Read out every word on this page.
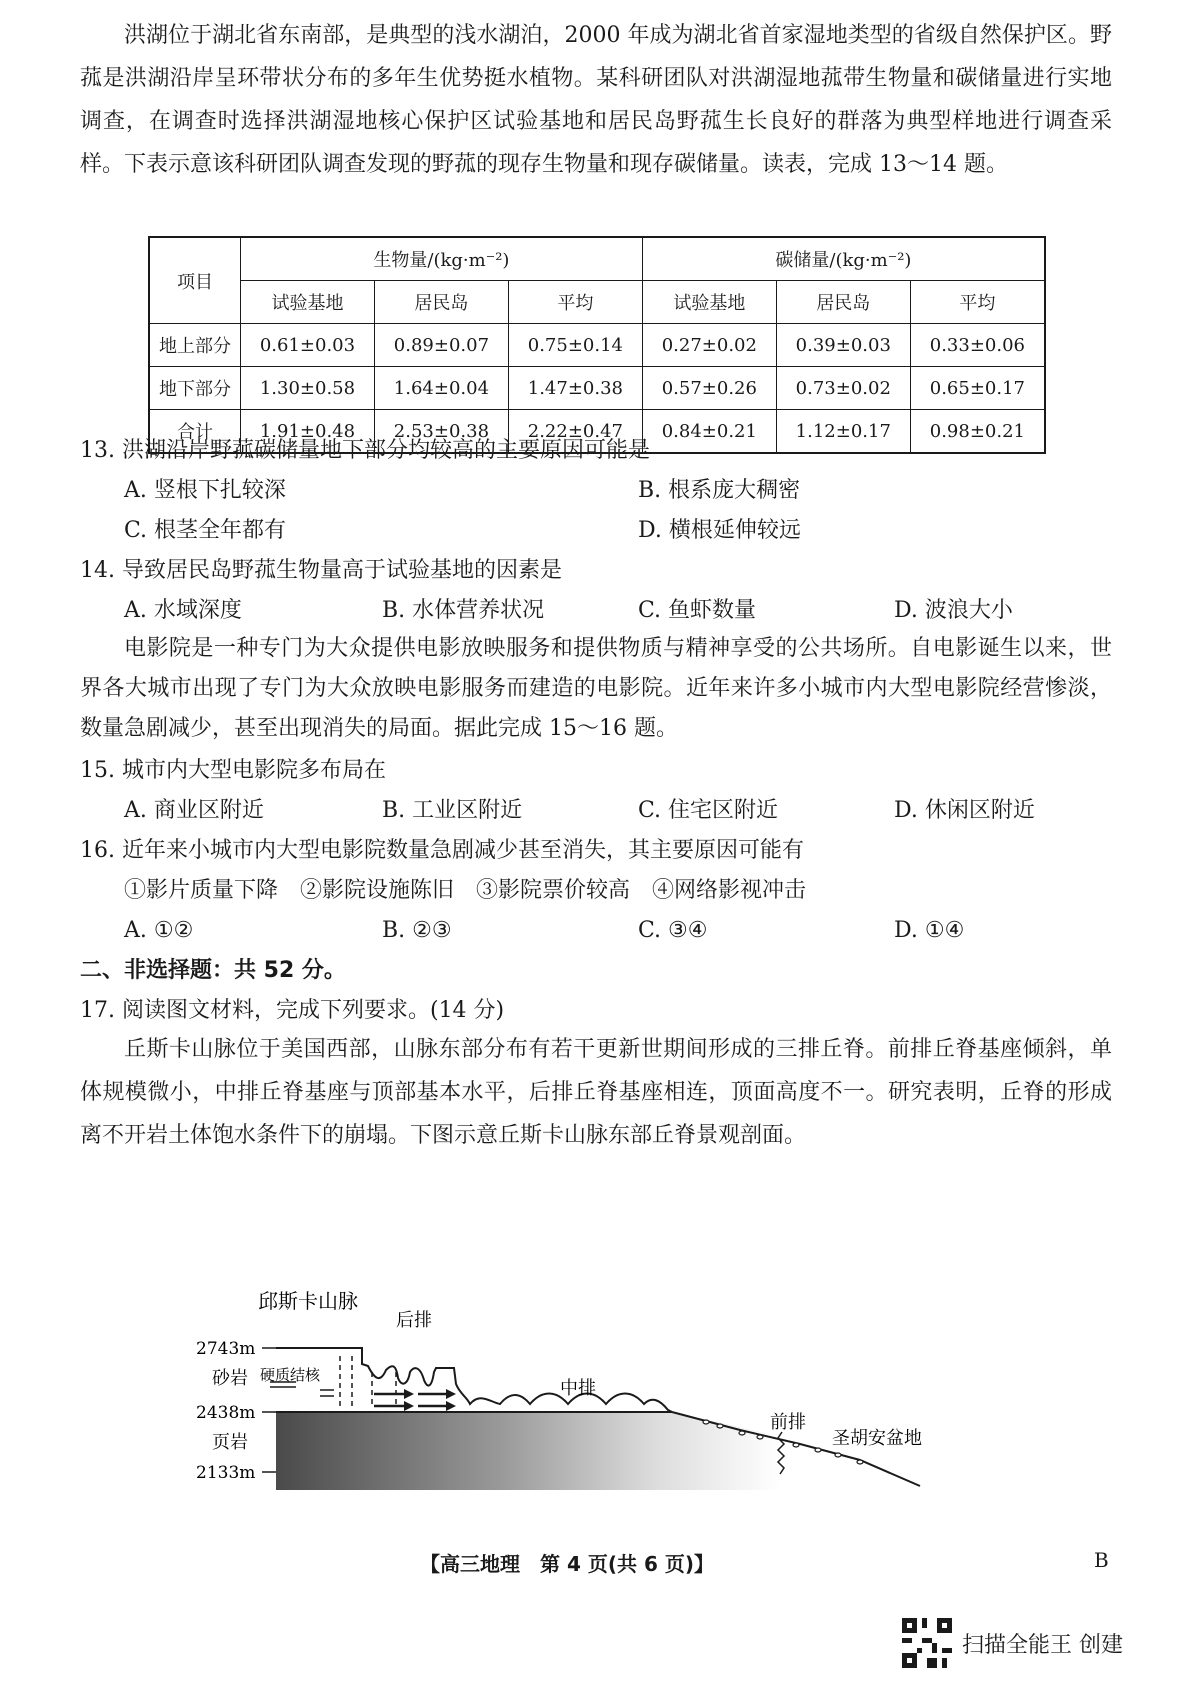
洪湖位于湖北省东南部，是典型的浅水湖泊，2000 年成为湖北省首家湿地类型的省级自然保护区。野菰是洪湖沿岸呈环带状分布的多年生优势挺水植物。某科研团队对洪湖湿地菰带生物量和碳储量进行实地调查，在调查时选择洪湖湿地核心保护区试验基地和居民岛野菰生长良好的群落为典型样地进行调查采样。下表示意该科研团队调查发现的野菰的现存生物量和现存碳储量。读表，完成 13～14 题。
项目	生物量/(kg·m⁻²)			碳储量/(kg·m⁻²)		
	试验基地	居民岛	平均	试验基地	居民岛	平均
地上部分	0.61±0.03	0.89±0.07	0.75±0.14	0.27±0.02	0.39±0.03	0.33±0.06
地下部分	1.30±0.58	1.64±0.04	1.47±0.38	0.57±0.26	0.73±0.02	0.65±0.17
合计	1.91±0.48	2.53±0.38	2.22±0.47	0.84±0.21	1.12±0.17	0.98±0.21
13. 洪湖沿岸野菰碳储量地下部分均较高的主要原因可能是
A. 竖根下扎较深	B. 根系庞大稠密
C. 根茎全年都有	D. 横根延伸较远
14. 导致居民岛野菰生物量高于试验基地的因素是
A. 水域深度	B. 水体营养状况	C. 鱼虾数量	D. 波浪大小
电影院是一种专门为大众提供电影放映服务和提供物质与精神享受的公共场所。自电影诞生以来，世界各大城市出现了专门为大众放映电影服务而建造的电影院。近年来许多小城市内大型电影院经营惨淡，数量急剧减少，甚至出现消失的局面。据此完成 15～16 题。
15. 城市内大型电影院多布局在
A. 商业区附近	B. 工业区附近	C. 住宅区附近	D. 休闲区附近
16. 近年来小城市内大型电影院数量急剧减少甚至消失，其主要原因可能有
①影片质量下降　②影院设施陈旧　③影院票价较高　④网络影视冲击
A. ①②	B. ②③	C. ③④	D. ①④
二、非选择题：共 52 分。
17. 阅读图文材料，完成下列要求。(14 分)
丘斯卡山脉位于美国西部，山脉东部分布有若干更新世期间形成的三排丘脊。前排丘脊基座倾斜，单体规模微小，中排丘脊基座与顶部基本水平，后排丘脊基座相连，顶面高度不一。研究表明，丘脊的形成离不开岩土体饱水条件下的崩塌。下图示意丘斯卡山脉东部丘脊景观剖面。
邱斯卡山脉
2743m
2438m
2133m
砂岩
页岩
硬质结核
后排
中排
前排
圣胡安盆地
【高三地理　第 4 页(共 6 页)】	B
扫描全能王 创建
